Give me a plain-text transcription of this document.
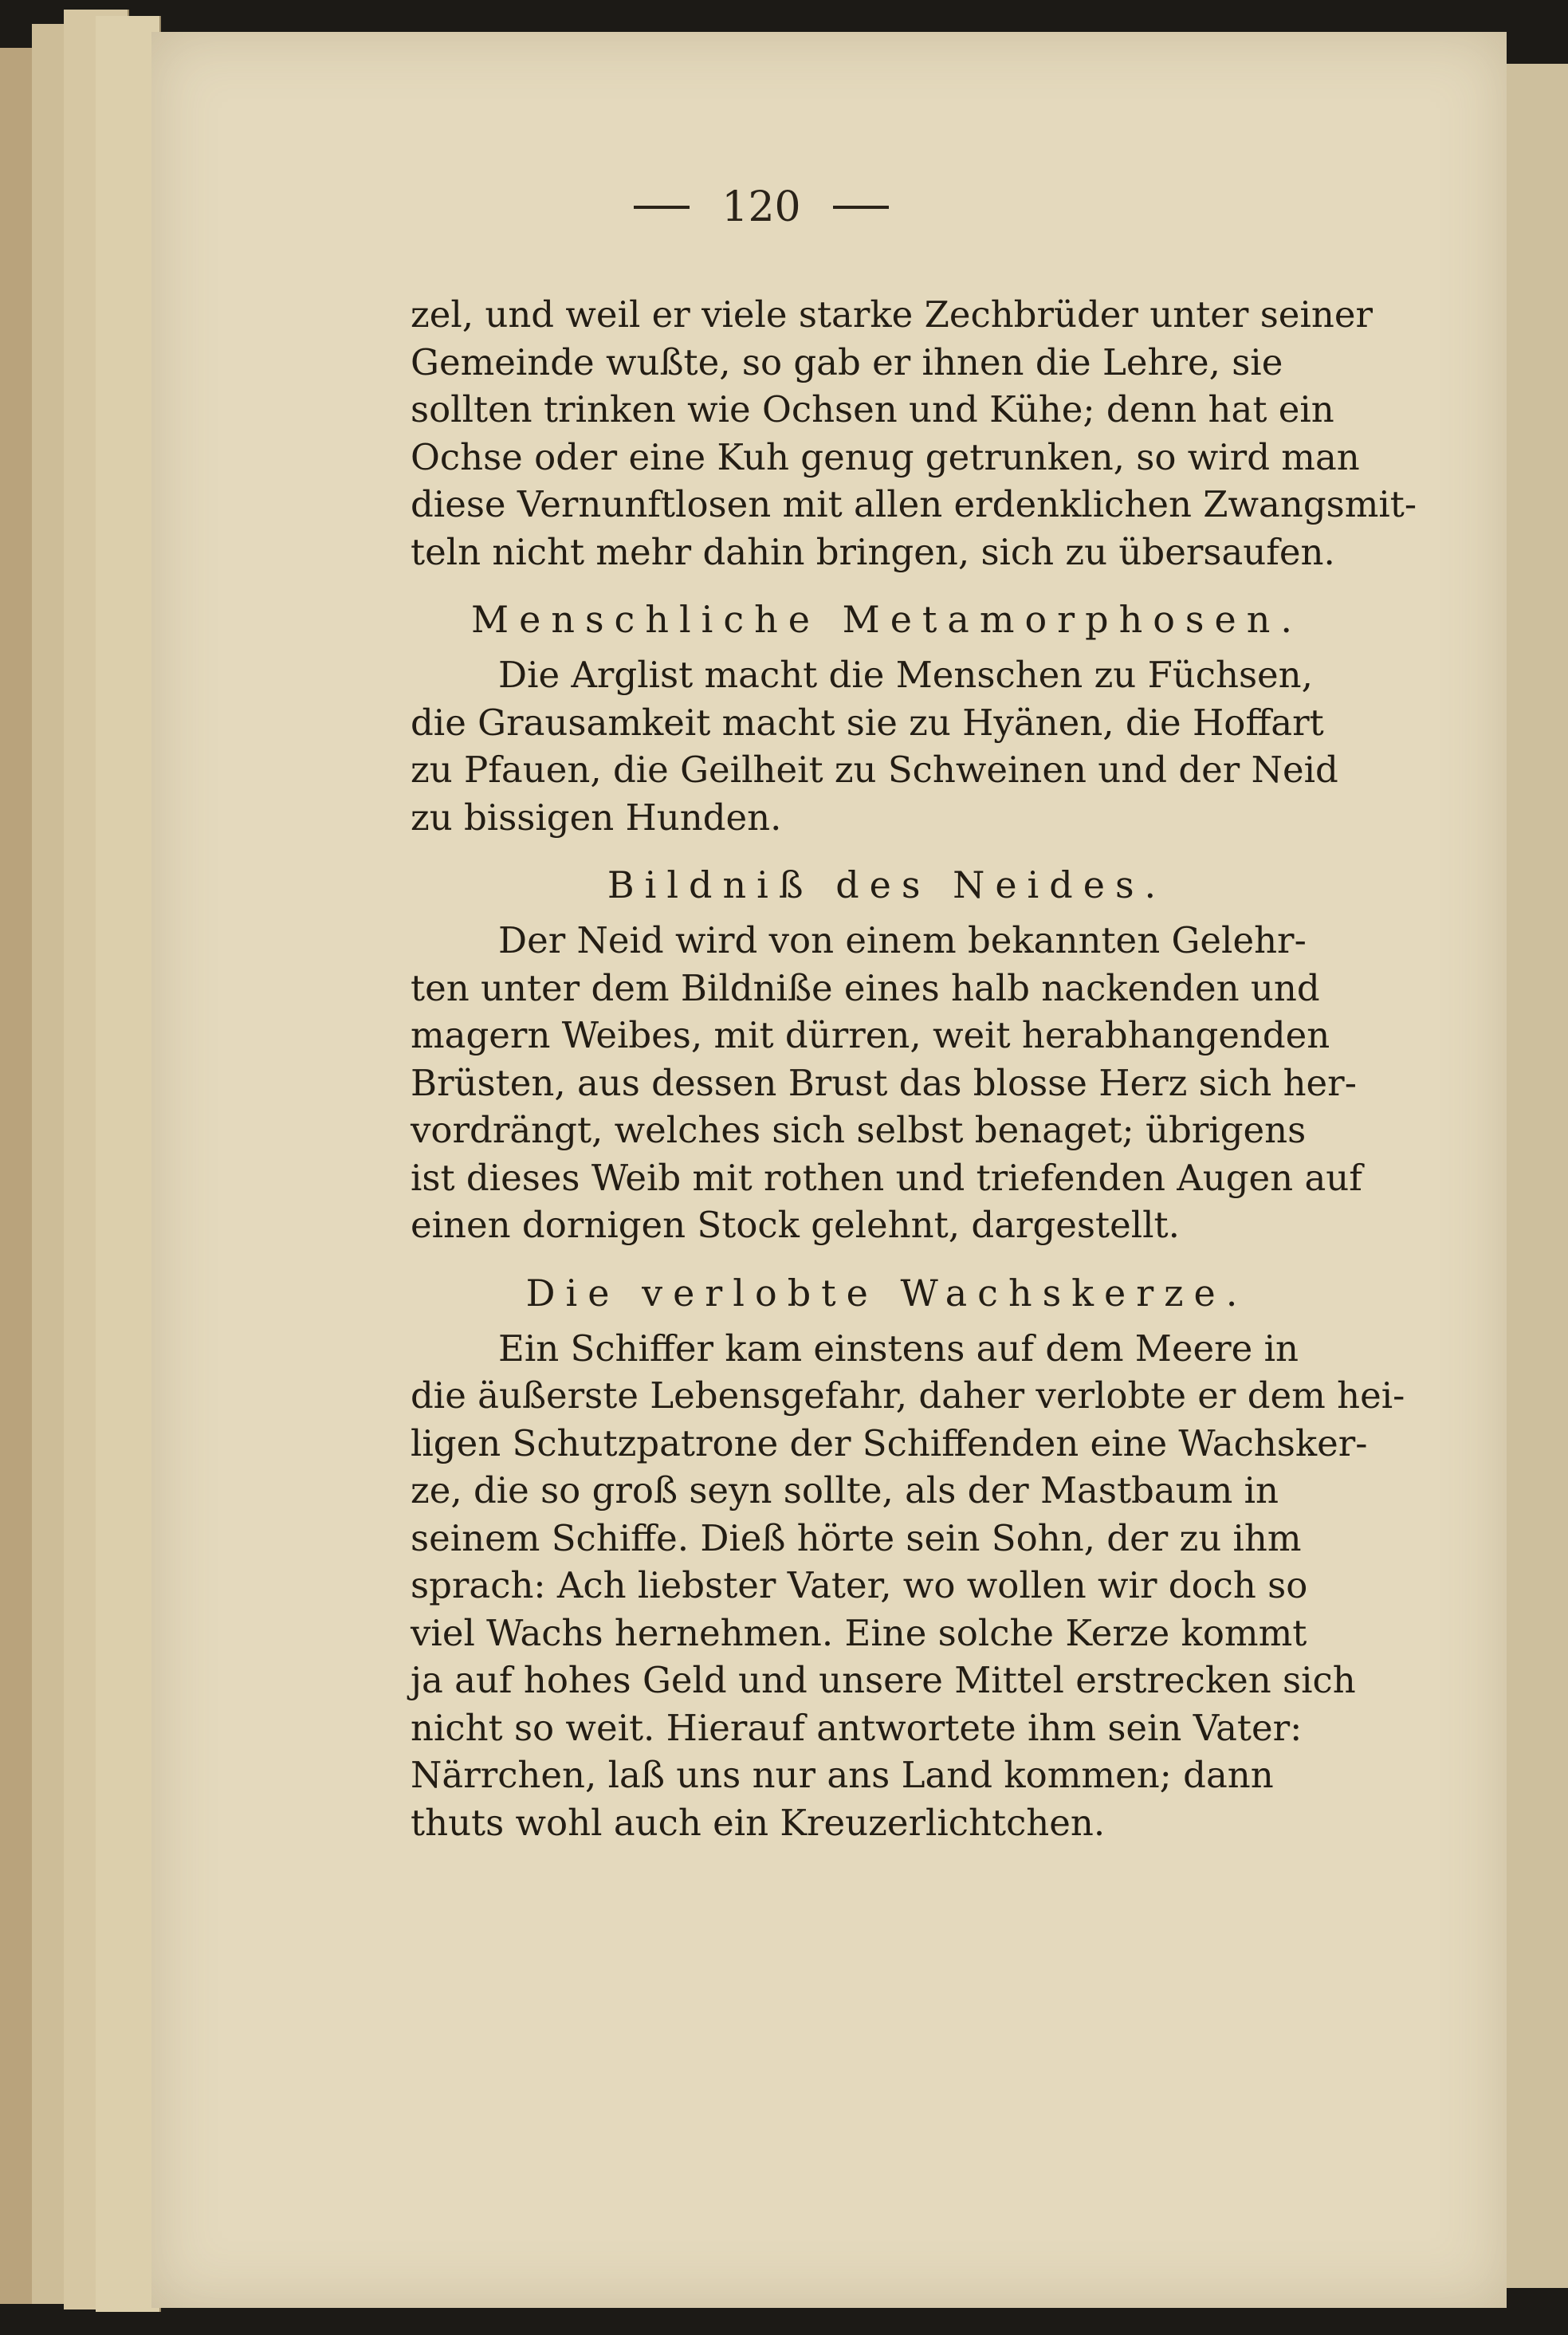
120
zel, und weil er viele starke Zechbrüder unter seiner
Gemeinde wußte, so gab er ihnen die Lehre, sie
sollten trinken wie Ochsen und Kühe; denn hat ein
Ochse oder eine Kuh genug getrunken, so wird man
diese Vernunftlosen mit allen erdenklichen Zwangsmit-
teln nicht mehr dahin bringen, sich zu übersaufen.
Menschliche Metamorphosen.
Die Arglist macht die Menschen zu Füchsen,
die Grausamkeit macht sie zu Hyänen, die Hoffart
zu Pfauen, die Geilheit zu Schweinen und der Neid
zu bissigen Hunden.
Bildniß des Neides.
Der Neid wird von einem bekannten Gelehr-
ten unter dem Bildniße eines halb nackenden und
magern Weibes, mit dürren, weit herabhangenden
Brüsten, aus dessen Brust das blosse Herz sich her-
vordrängt, welches sich selbst benaget; übrigens
ist dieses Weib mit rothen und triefenden Augen auf
einen dornigen Stock gelehnt, dargestellt.
Die verlobte Wachskerze.
Ein Schiffer kam einstens auf dem Meere in
die äußerste Lebensgefahr, daher verlobte er dem hei-
ligen Schutzpatrone der Schiffenden eine Wachsker-
ze, die so groß seyn sollte, als der Mastbaum in
seinem Schiffe. Dieß hörte sein Sohn, der zu ihm
sprach: Ach liebster Vater, wo wollen wir doch so
viel Wachs hernehmen. Eine solche Kerze kommt
ja auf hohes Geld und unsere Mittel erstrecken sich
nicht so weit. Hierauf antwortete ihm sein Vater:
Närrchen, laß uns nur ans Land kommen; dann
thuts wohl auch ein Kreuzerlichtchen.
